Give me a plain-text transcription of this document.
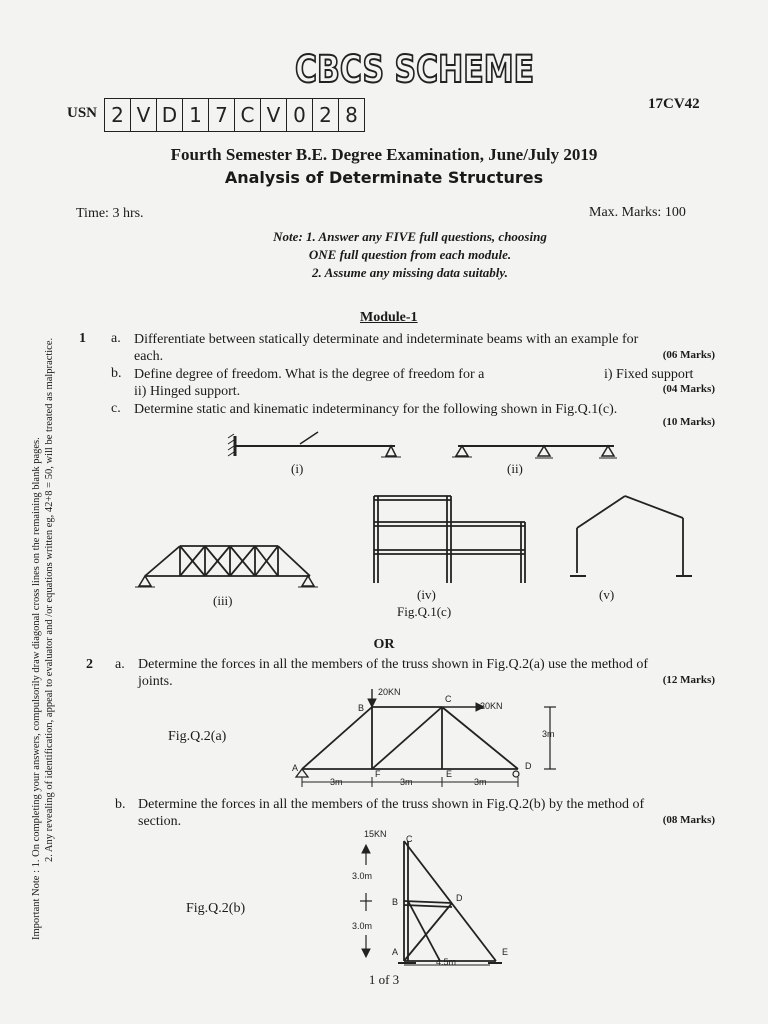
CBCS SCHEME
USN 2 V D 1 7 C V 0 2 8	17CV42
Fourth Semester B.E. Degree Examination, June/July 2019
Analysis of Determinate Structures
Time: 3 hrs.	Max. Marks: 100
Note: 1. Answer any FIVE full questions, choosing
ONE full question from each module.
2. Assume any missing data suitably.
Important Note : 1. On completing your answers, compulsorily draw diagonal cross lines on the remaining blank pages. 2. Any revealing of identification, appeal to evaluator and /or equations written eg, 42+8 = 50, will be treated as malpractice.
Module-1
1 a. Differentiate between statically determinate and indeterminate beams with an example for
each.	(06 Marks)
b. Define degree of freedom. What is the degree of freedom for a
ii) Hinged support.
i) Fixed support
(04 Marks)
c. Determine static and kinematic indeterminancy for the following shown in Fig.Q.1(c).
(10 Marks)
(i)	(ii)
(iii)	(iv)	(v)
Fig.Q.1(c)
OR
2 a. Determine the forces in all the members of the truss shown in Fig.Q.2(a) use the method of
joints.	(12 Marks)
Fig.Q.2(a)
20KN
20KN
B
C
A
F	E
D
3m	3m	3m
3m
b. Determine the forces in all the members of the truss shown in Fig.Q.2(b) by the method of
section.	(08 Marks)
Fig.Q.2(b)
15KN C
B	D
A	E
3.0m
3.0m
4.5m
1 of 3
